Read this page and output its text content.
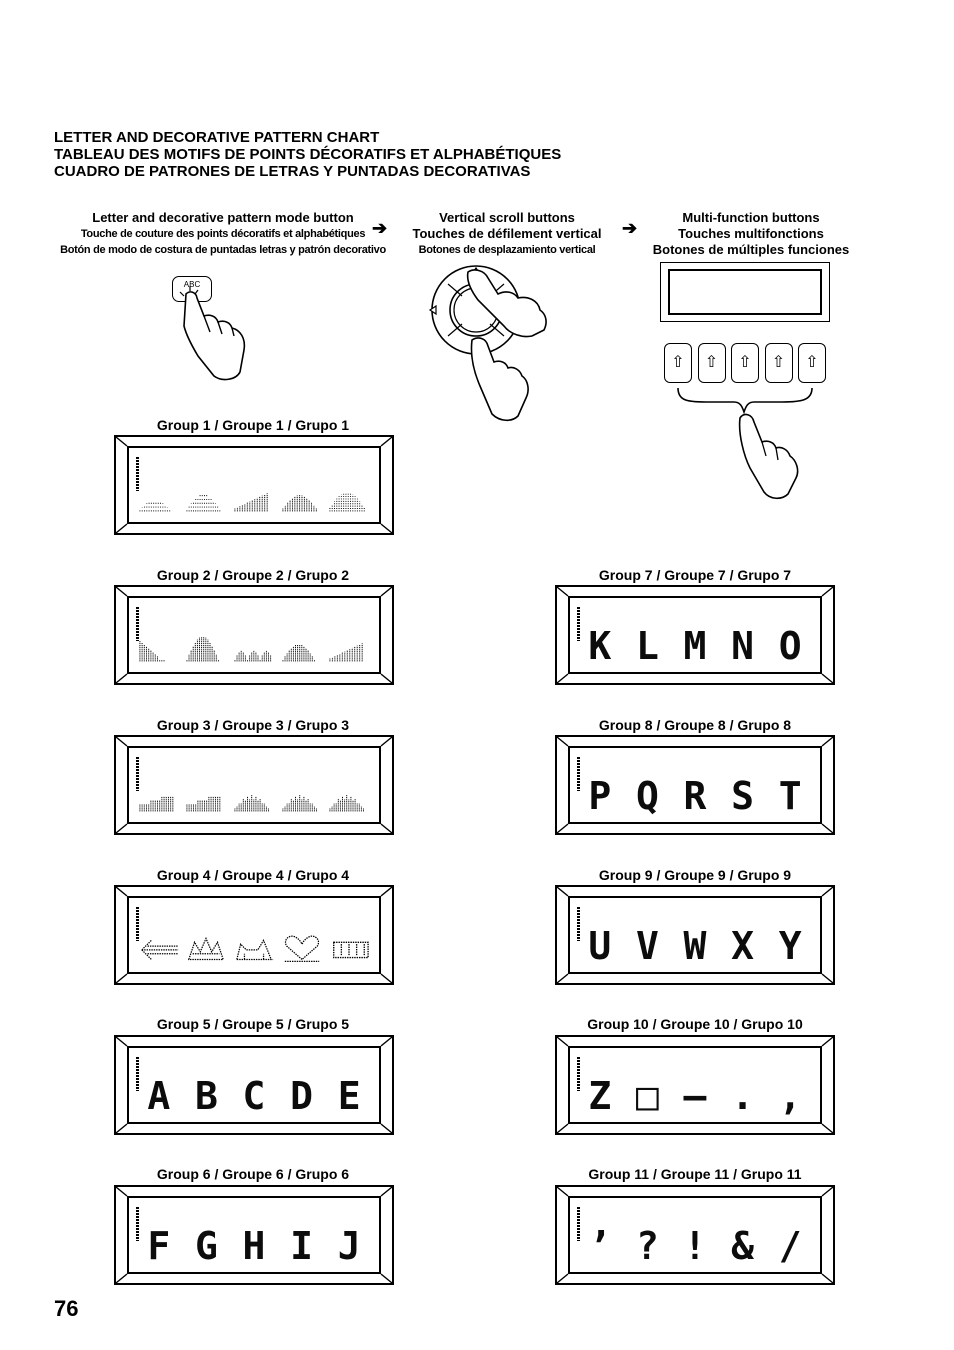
LETTER AND DECORATIVE PATTERN CHART
TABLEAU DES MOTIFS DE POINTS DÉCORATIFS ET ALPHABÉTIQUES
CUADRO DE PATRONES DE LETRAS Y PUNTADAS DECORATIVAS
Letter and decorative pattern mode button
Touche de couture des points décoratifs et alphabétiques
Botón de modo de costura de puntadas letras y patrón decorativo
➔
Vertical scroll buttons
Touches de défilement vertical
Botones de desplazamiento vertical
➔
Multi-function buttons
Touches multifonctions
Botones de múltiples funciones
ABC
⇧	⇧	⇧	⇧	⇧
Group 1 / Groupe 1 / Grupo 1
Group 2 / Groupe 2 / Grupo 2
Group 3 / Groupe 3 / Grupo 3
Group 4 / Groupe 4 / Grupo 4
Group 5 / Groupe 5 / Grupo 5
Group 6 / Groupe 6 / Grupo 6
Group 7 / Groupe 7 / Grupo 7
Group 8 / Groupe 8 / Grupo 8
Group 9 / Groupe 9 / Grupo 9
Group 10 / Groupe 10 / Grupo 10
Group 11 / Groupe 11 / Grupo 11
A B C D E
F G H I J
K L M N O
P Q R S T
U V W X Y
Z □ — . ,
’ ? ! & /
76
